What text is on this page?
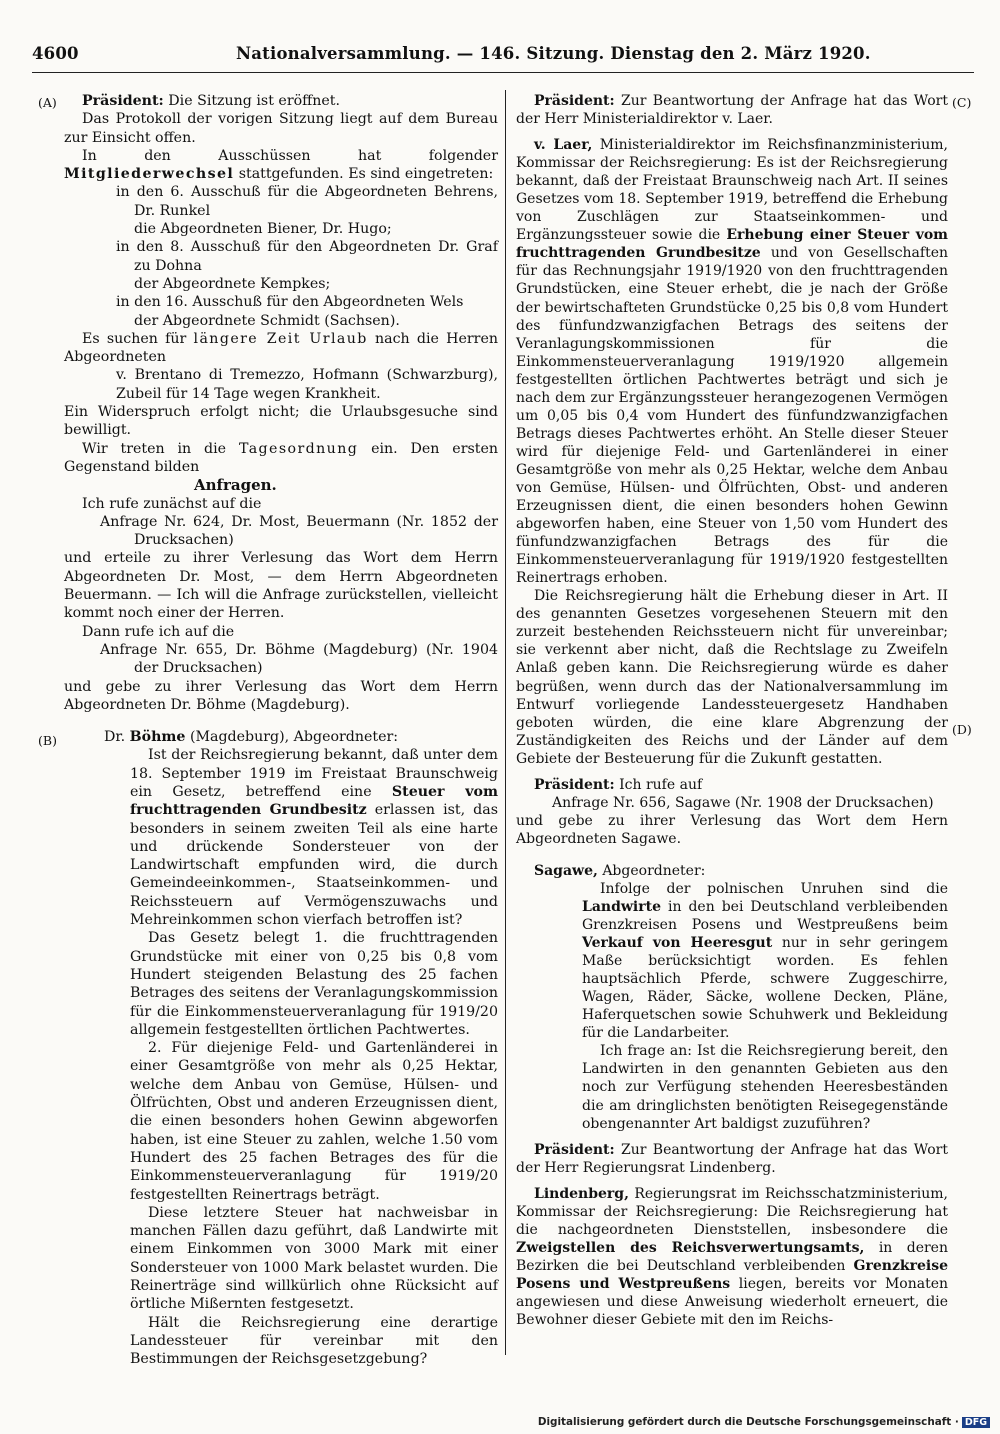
4600	Nationalversammlung. — 146. Sitzung. Dienstag den 2. März 1920.
(A)
(B)
(C)
(D)

Präsident: Die Sitzung ist eröffnet.

Das Protokoll der vorigen Sitzung liegt auf dem Bureau zur Einsicht offen.

In den Ausschüssen hat folgender Mitgliederwechsel stattgefunden. Es sind eingetreten:

in den 6. Ausschuß für die Abgeordneten Behrens, Dr. Runkel

die Abgeordneten Biener, Dr. Hugo;

in den 8. Ausschuß für den Abgeordneten Dr. Graf zu Dohna

der Abgeordnete Kempkes;

in den 16. Ausschuß für den Abgeordneten Wels

der Abgeordnete Schmidt (Sachsen).

Es suchen für längere Zeit Urlaub nach die Herren Abgeordneten

v. Brentano di Tremezzo, Hofmann (Schwarzburg), Zubeil für 14 Tage wegen Krankheit.

Ein Widerspruch erfolgt nicht; die Urlaubsgesuche sind bewilligt.

Wir treten in die Tagesordnung ein. Den ersten Gegenstand bilden

Anfragen.

Ich rufe zunächst auf die

Anfrage Nr. 624, Dr. Most, Beuermann (Nr. 1852 der Drucksachen)

und erteile zu ihrer Verlesung das Wort dem Herrn Abgeordneten Dr. Most, — dem Herrn Abgeordneten Beuermann. — Ich will die Anfrage zurückstellen, vielleicht kommt noch einer der Herren.

Dann rufe ich auf die

Anfrage Nr. 655, Dr. Böhme (Magdeburg) (Nr. 1904 der Drucksachen)

und gebe zu ihrer Verlesung das Wort dem Herrn Abgeordneten Dr. Böhme (Magdeburg).

Dr. Böhme (Magdeburg), Abgeordneter:

Ist der Reichsregierung bekannt, daß unter dem 18. September 1919 im Freistaat Braunschweig ein Gesetz, betreffend eine Steuer vom fruchttragenden Grundbesitz erlassen ist, das besonders in seinem zweiten Teil als eine harte und drückende Sondersteuer von der Landwirtschaft empfunden wird, die durch Gemeindeeinkommen-, Staatseinkommen- und Reichssteuern auf Vermögenszuwachs und Mehreinkommen schon vierfach betroffen ist?

Das Gesetz belegt 1. die fruchttragenden Grundstücke mit einer von 0,25 bis 0,8 vom Hundert steigenden Belastung des 25 fachen Betrages des seitens der Veranlagungskommission für die Einkommensteuerveranlagung für 1919/20 allgemein festgestellten örtlichen Pachtwertes.

2. Für diejenige Feld- und Gartenländerei in einer Gesamtgröße von mehr als 0,25 Hektar, welche dem Anbau von Gemüse, Hülsen- und Ölfrüchten, Obst und anderen Erzeugnissen dient, die einen besonders hohen Gewinn abgeworfen haben, ist eine Steuer zu zahlen, welche 1.50 vom Hundert des 25 fachen Betrages des für die Einkommensteuerveranlagung für 1919/20 festgestellten Reinertrags beträgt.

Diese letztere Steuer hat nachweisbar in manchen Fällen dazu geführt, daß Landwirte mit einem Einkommen von 3000 Mark mit einer Sondersteuer von 1000 Mark belastet wurden. Die Reinerträge sind willkürlich ohne Rücksicht auf örtliche Mißernten festgesetzt.

Hält die Reichsregierung eine derartige Landessteuer für vereinbar mit den Bestimmungen der Reichsgesetzgebung?

Präsident: Zur Beantwortung der Anfrage hat das Wort der Herr Ministerialdirektor v. Laer.

v. Laer, Ministerialdirektor im Reichsfinanzministerium, Kommissar der Reichsregierung: Es ist der Reichsregierung bekannt, daß der Freistaat Braunschweig nach Art. II seines Gesetzes vom 18. September 1919, betreffend die Erhebung von Zuschlägen zur Staatseinkommen- und Ergänzungssteuer sowie die Erhebung einer Steuer vom fruchttragenden Grundbesitze und von Gesellschaften für das Rechnungsjahr 1919/1920 von den fruchttragenden Grundstücken, eine Steuer erhebt, die je nach der Größe der bewirtschafteten Grundstücke 0,25 bis 0,8 vom Hundert des fünfundzwanzigfachen Betrags des seitens der Veranlagungskommissionen für die Einkommensteuerveranlagung 1919/1920 allgemein festgestellten örtlichen Pachtwertes beträgt und sich je nach dem zur Ergänzungssteuer herangezogenen Vermögen um 0,05 bis 0,4 vom Hundert des fünfundzwanzigfachen Betrags dieses Pachtwertes erhöht. An Stelle dieser Steuer wird für diejenige Feld- und Gartenländerei in einer Gesamtgröße von mehr als 0,25 Hektar, welche dem Anbau von Gemüse, Hülsen- und Ölfrüchten, Obst- und anderen Erzeugnissen dient, die einen besonders hohen Gewinn abgeworfen haben, eine Steuer von 1,50 vom Hundert des fünfundzwanzigfachen Betrags des für die Einkommensteuerveranlagung für 1919/1920 festgestellten Reinertrags erhoben.

Die Reichsregierung hält die Erhebung dieser in Art. II des genannten Gesetzes vorgesehenen Steuern mit den zurzeit bestehenden Reichssteuern nicht für unvereinbar; sie verkennt aber nicht, daß die Rechtslage zu Zweifeln Anlaß geben kann. Die Reichsregierung würde es daher begrüßen, wenn durch das der Nationalversammlung im Entwurf vorliegende Landessteuergesetz Handhaben geboten würden, die eine klare Abgrenzung der Zuständigkeiten des Reichs und der Länder auf dem Gebiete der Besteuerung für die Zukunft gestatten.

Präsident: Ich rufe auf

Anfrage Nr. 656, Sagawe (Nr. 1908 der Drucksachen)

und gebe zu ihrer Verlesung das Wort dem Hern Abgeordneten Sagawe.

Sagawe, Abgeordneter:

Infolge der polnischen Unruhen sind die Landwirte in den bei Deutschland verbleibenden Grenzkreisen Posens und Westpreußens beim Verkauf von Heeresgut nur in sehr geringem Maße berücksichtigt worden. Es fehlen hauptsächlich Pferde, schwere Zuggeschirre, Wagen, Räder, Säcke, wollene Decken, Pläne, Haferquetschen sowie Schuhwerk und Bekleidung für die Landarbeiter.

Ich frage an: Ist die Reichsregierung bereit, den Landwirten in den genannten Gebieten aus den noch zur Verfügung stehenden Heeresbeständen die am dringlichsten benötigten Reisegegenstände obengenannter Art baldigst zuzuführen?

Präsident: Zur Beantwortung der Anfrage hat das Wort der Herr Regierungsrat Lindenberg.

Lindenberg, Regierungsrat im Reichsschatzministerium, Kommissar der Reichsregierung: Die Reichsregierung hat die nachgeordneten Dienststellen, insbesondere die Zweigstellen des Reichsverwertungsamts, in deren Bezirken die bei Deutschland verbleibenden Grenzkreise Posens und Westpreußens liegen, bereits vor Monaten angewiesen und diese Anweisung wiederholt erneuert, die Bewohner dieser Gebiete mit den im Reichs-

Digitalisierung gefördert durch die Deutsche Forschungsgemeinschaft · DFG
